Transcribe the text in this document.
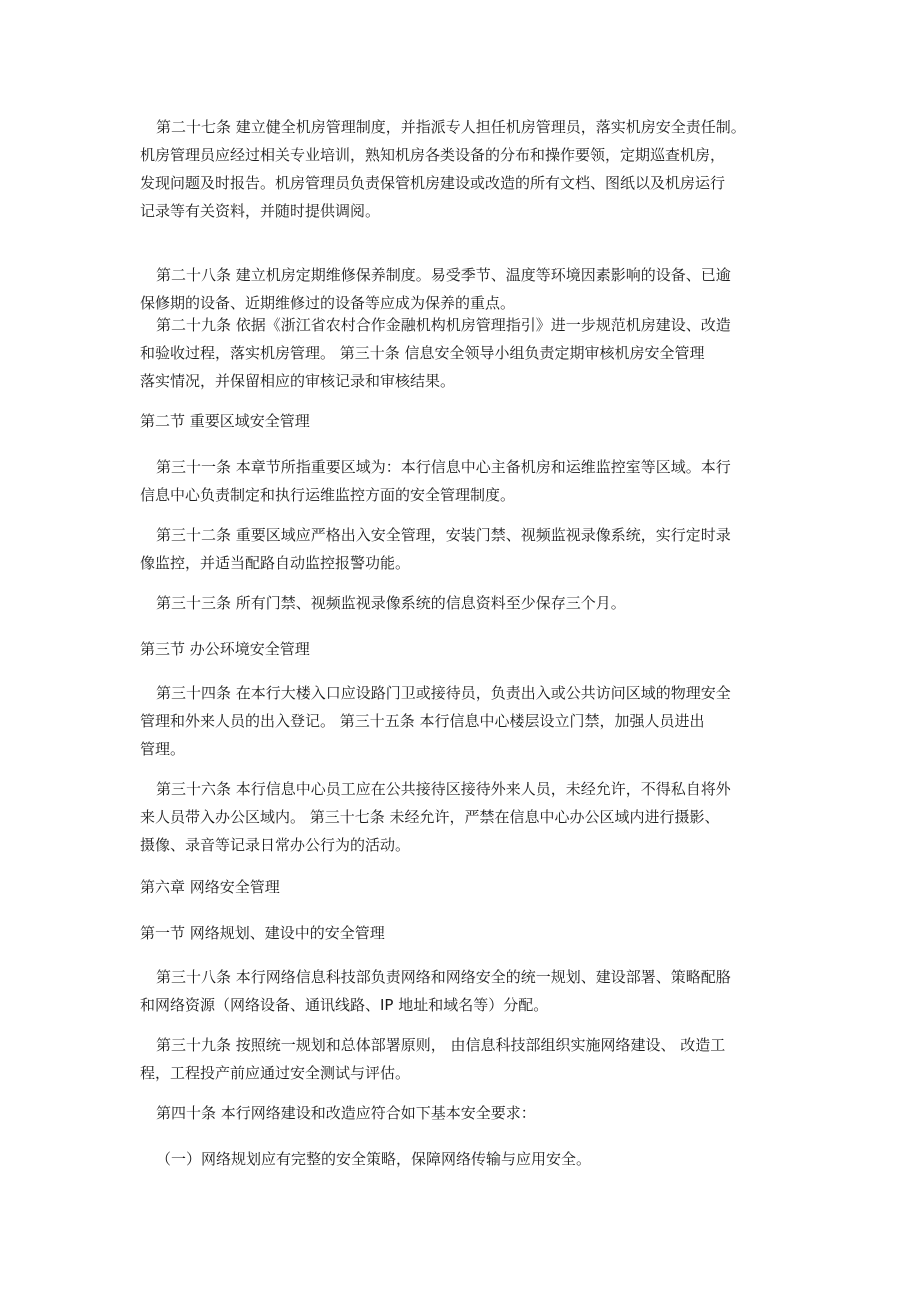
第二十七条 建立健全机房管理制度，并指派专人担任机房管理员，落实机房安全责任制。
机房管理员应经过相关专业培训，熟知机房各类设备的分布和操作要领，定期巡查机房，
发现问题及时报告。机房管理员负责保管机房建设或改造的所有文档、图纸以及机房运行
记录等有关资料，并随时提供调阅。
第二十八条 建立机房定期维修保养制度。易受季节、温度等环境因素影响的设备、已逾
保修期的设备、近期维修过的设备等应成为保养的重点。
第二十九条 依据《浙江省农村合作金融机构机房管理指引》进一步规范机房建设、改造
和验收过程，落实机房管理。 第三十条 信息安全领导小组负责定期审核机房安全管理
落实情况，并保留相应的审核记录和审核结果。
第二节 重要区域安全管理
第三十一条 本章节所指重要区域为：本行信息中心主备机房和运维监控室等区域。本行
信息中心负责制定和执行运维监控方面的安全管理制度。
第三十二条 重要区域应严格出入安全管理，安装门禁、视频监视录像系统，实行定时录
像监控，并适当配路自动监控报警功能。
第三十三条 所有门禁、视频监视录像系统的信息资料至少保存三个月。
第三节 办公环境安全管理
第三十四条 在本行大楼入口应设路门卫或接待员，负责出入或公共访问区域的物理安全
管理和外来人员的出入登记。 第三十五条 本行信息中心楼层设立门禁，加强人员进出
管理。
第三十六条 本行信息中心员工应在公共接待区接待外来人员，未经允许，不得私自将外
来人员带入办公区域内。 第三十七条 未经允许，严禁在信息中心办公区域内进行摄影、
摄像、录音等记录日常办公行为的活动。
第六章 网络安全管理
第一节 网络规划、建设中的安全管理
第三十八条 本行网络信息科技部负责网络和网络安全的统一规划、建设部署、策略配胳
和网络资源（网络设备、通讯线路、IP 地址和域名等）分配。
第三十九条 按照统一规划和总体部署原则， 由信息科技部组织实施网络建设、 改造工
程，工程投产前应通过安全测试与评估。
第四十条 本行网络建设和改造应符合如下基本安全要求：
（一）网络规划应有完整的安全策略，保障网络传输与应用安全。
